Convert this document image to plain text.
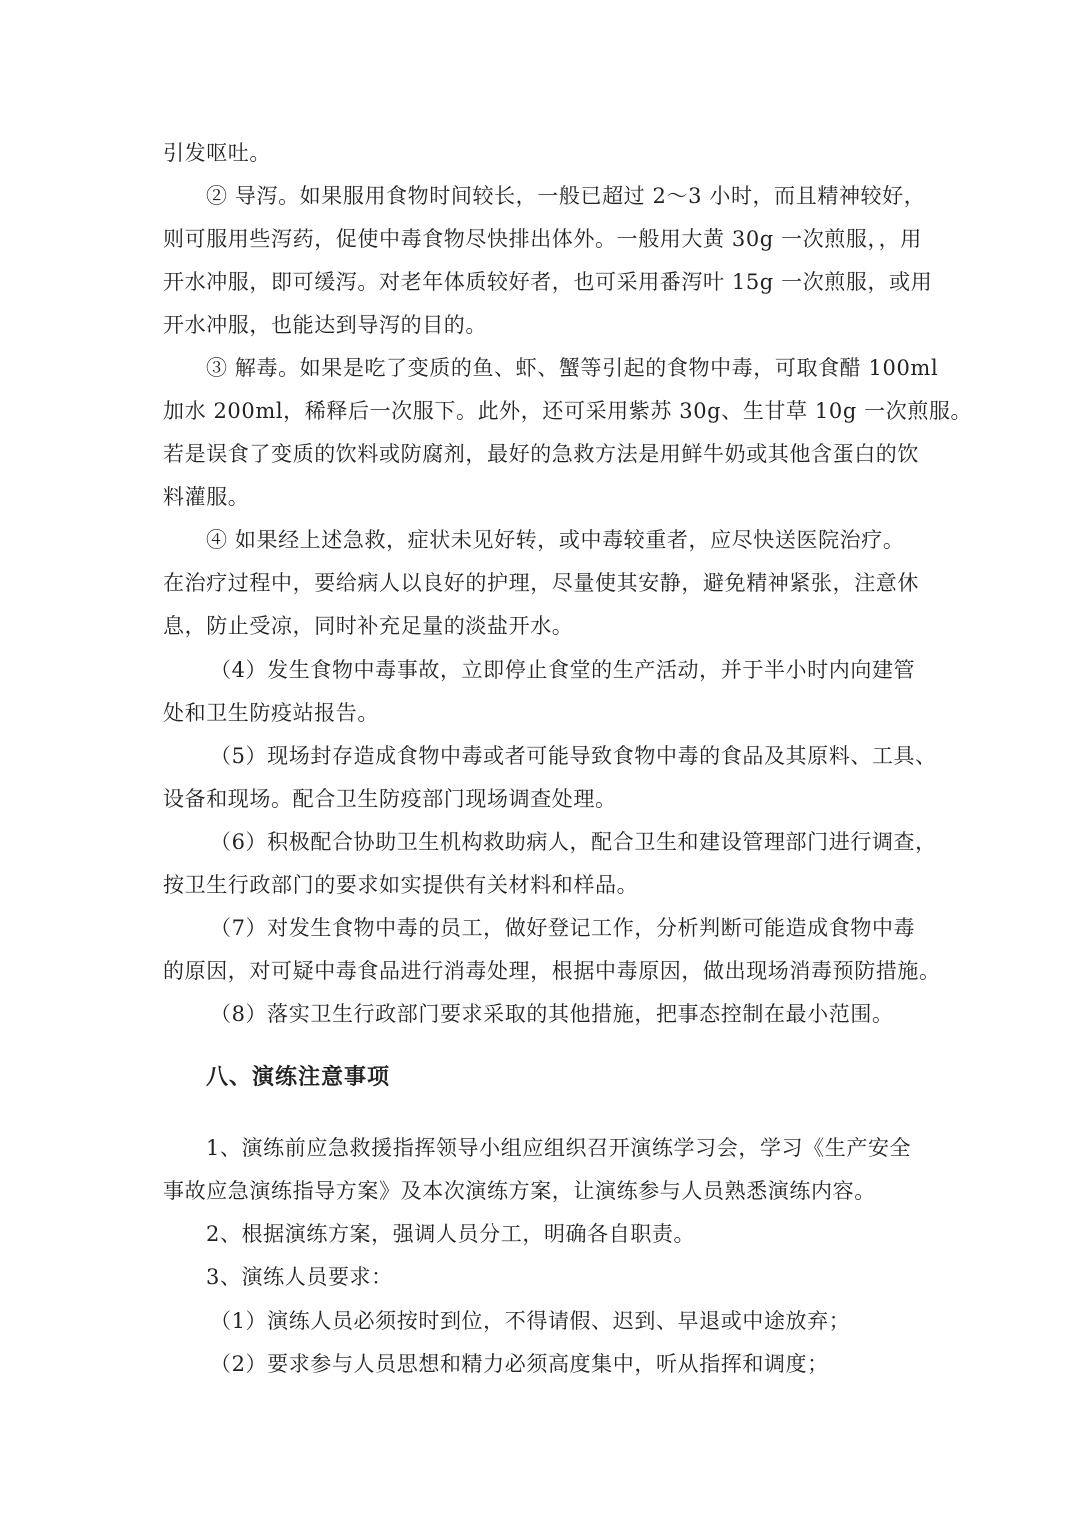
引发呕吐。
② 导泻。如果服用食物时间较长，一般已超过 2～3 小时，而且精神较好，
则可服用些泻药，促使中毒食物尽快排出体外。一般用大黄 30g 一次煎服，，用
开水冲服，即可缓泻。对老年体质较好者，也可采用番泻叶 15g 一次煎服，或用
开水冲服，也能达到导泻的目的。
③ 解毒。如果是吃了变质的鱼、虾、蟹等引起的食物中毒，可取食醋 100ml
加水 200ml，稀释后一次服下。此外，还可采用紫苏 30g、生甘草 10g 一次煎服。
若是误食了变质的饮料或防腐剂，最好的急救方法是用鲜牛奶或其他含蛋白的饮
料灌服。
④ 如果经上述急救，症状未见好转，或中毒较重者，应尽快送医院治疗。
在治疗过程中，要给病人以良好的护理，尽量使其安静，避免精神紧张，注意休
息，防止受凉，同时补充足量的淡盐开水。
（4）发生食物中毒事故，立即停止食堂的生产活动，并于半小时内向建管
处和卫生防疫站报告。
（5）现场封存造成食物中毒或者可能导致食物中毒的食品及其原料、工具、
设备和现场。配合卫生防疫部门现场调查处理。
（6）积极配合协助卫生机构救助病人，配合卫生和建设管理部门进行调查，
按卫生行政部门的要求如实提供有关材料和样品。
（7）对发生食物中毒的员工，做好登记工作，分析判断可能造成食物中毒
的原因，对可疑中毒食品进行消毒处理，根据中毒原因，做出现场消毒预防措施。
（8）落实卫生行政部门要求采取的其他措施，把事态控制在最小范围。
八、演练注意事项
1、演练前应急救援指挥领导小组应组织召开演练学习会，学习《生产安全
事故应急演练指导方案》及本次演练方案，让演练参与人员熟悉演练内容。
2、根据演练方案，强调人员分工，明确各自职责。
3、演练人员要求：
（1）演练人员必须按时到位，不得请假、迟到、早退或中途放弃；
（2）要求参与人员思想和精力必须高度集中，听从指挥和调度；
